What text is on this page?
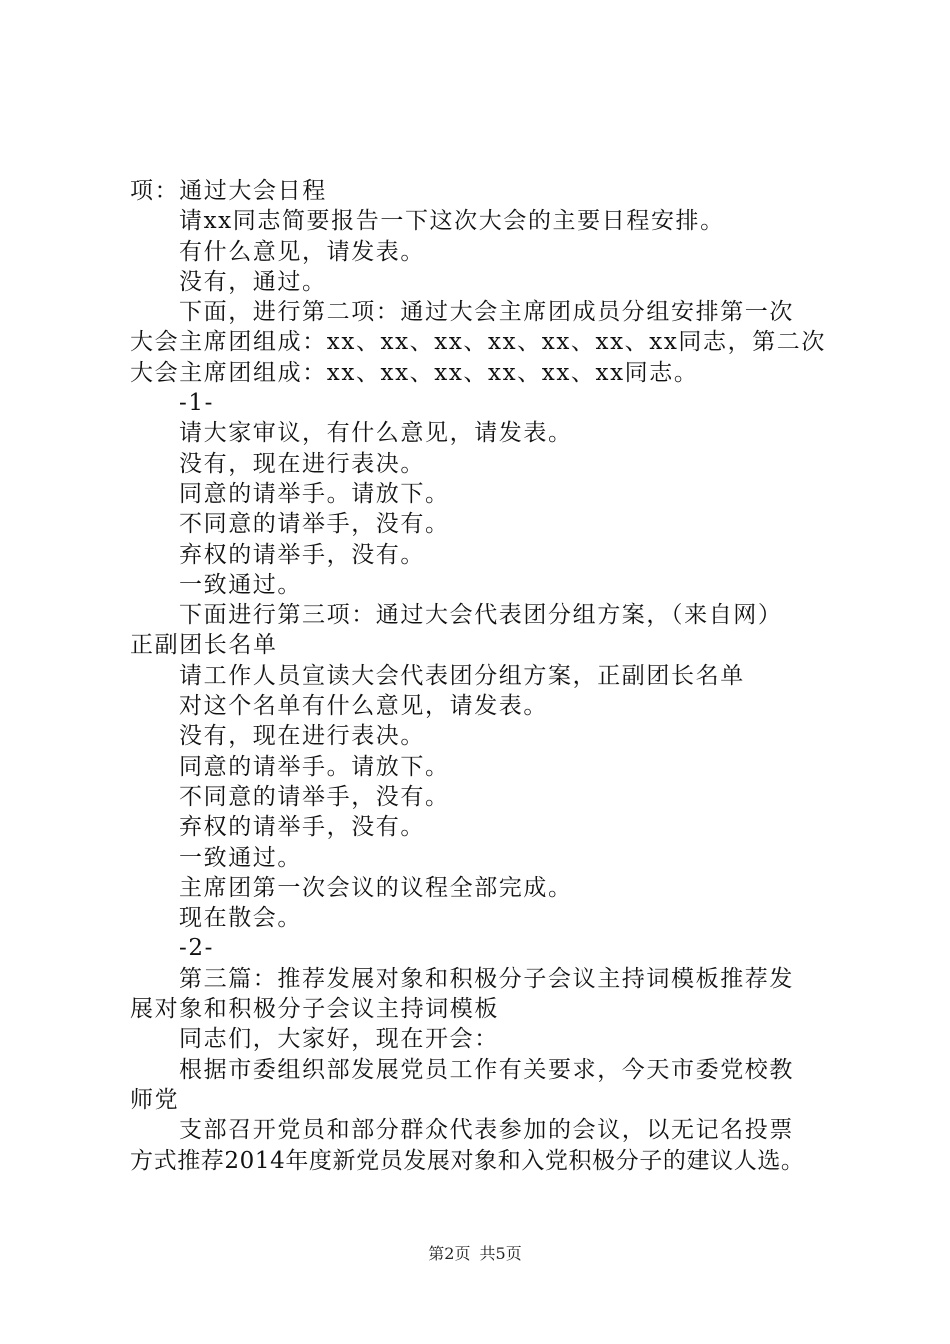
项：通过大会日程
请xx同志简要报告一下这次大会的主要日程安排。
有什么意见，请发表。
没有，通过。
下面，进行第二项：通过大会主席团成员分组安排第一次
大会主席团组成：xx、xx、xx、xx、xx、xx、xx同志，第二次
大会主席团组成：xx、xx、xx、xx、xx、xx同志。
-1-
请大家审议，有什么意见，请发表。
没有，现在进行表决。
同意的请举手。请放下。
不同意的请举手，没有。
弃权的请举手，没有。
一致通过。
下面进行第三项：通过大会代表团分组方案，（来自网）
正副团长名单
请工作人员宣读大会代表团分组方案，正副团长名单
对这个名单有什么意见，请发表。
没有，现在进行表决。
同意的请举手。请放下。
不同意的请举手，没有。
弃权的请举手，没有。
一致通过。
主席团第一次会议的议程全部完成。
现在散会。
-2-
第三篇：推荐发展对象和积极分子会议主持词模板推荐发
展对象和积极分子会议主持词模板
同志们，大家好，现在开会：
根据市委组织部发展党员工作有关要求，今天市委党校教
师党
支部召开党员和部分群众代表参加的会议，以无记名投票
方式推荐2014年度新党员发展对象和入党积极分子的建议人选。
第2页 共5页
